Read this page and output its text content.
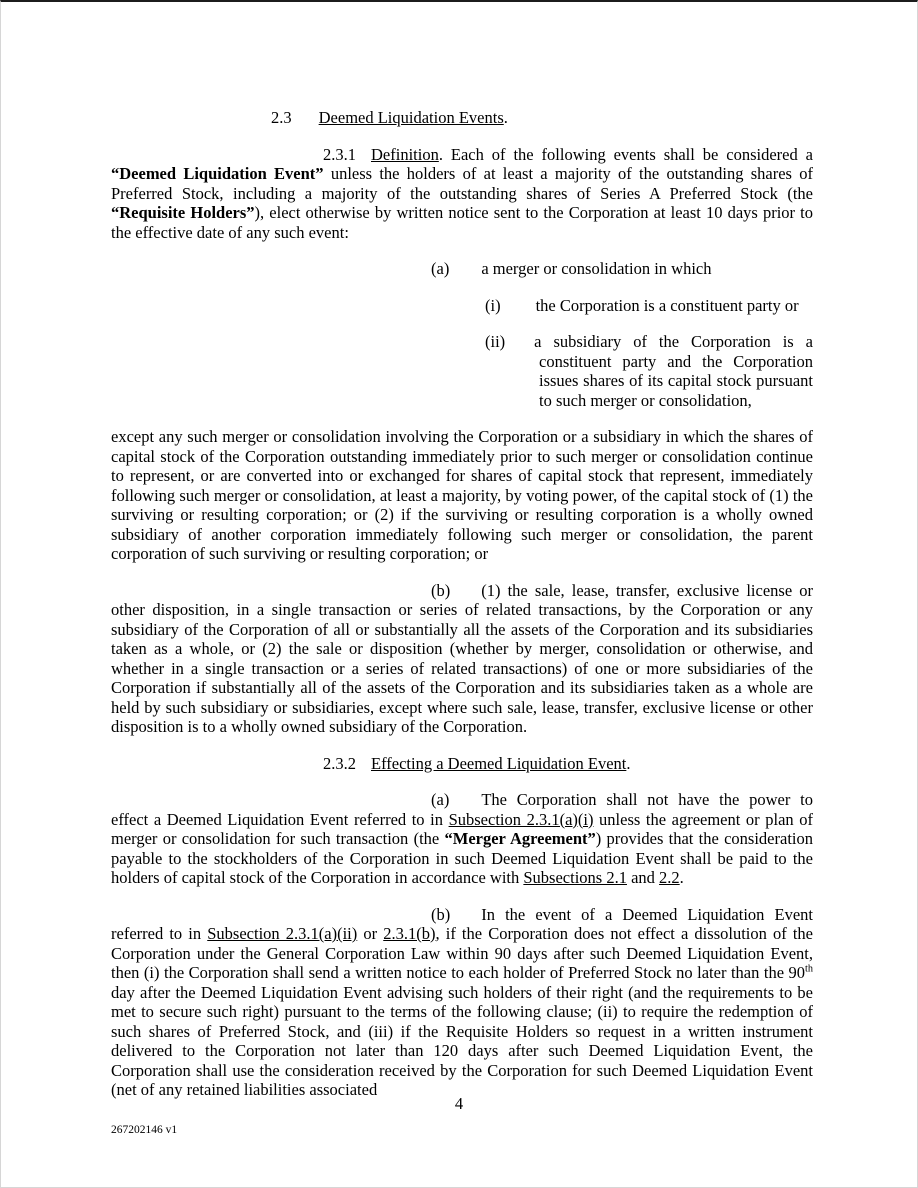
2.3 Deemed Liquidation Events.
2.3.1 Definition. Each of the following events shall be considered a “Deemed Liquidation Event” unless the holders of at least a majority of the outstanding shares of Preferred Stock, including a majority of the outstanding shares of Series A Preferred Stock (the “Requisite Holders”), elect otherwise by written notice sent to the Corporation at least 10 days prior to the effective date of any such event:
(a) a merger or consolidation in which
(i) the Corporation is a constituent party or
(ii) a subsidiary of the Corporation is a constituent party and the Corporation issues shares of its capital stock pursuant to such merger or consolidation,
except any such merger or consolidation involving the Corporation or a subsidiary in which the shares of capital stock of the Corporation outstanding immediately prior to such merger or consolidation continue to represent, or are converted into or exchanged for shares of capital stock that represent, immediately following such merger or consolidation, at least a majority, by voting power, of the capital stock of (1) the surviving or resulting corporation; or (2) if the surviving or resulting corporation is a wholly owned subsidiary of another corporation immediately following such merger or consolidation, the parent corporation of such surviving or resulting corporation; or
(b) (1) the sale, lease, transfer, exclusive license or other disposition, in a single transaction or series of related transactions, by the Corporation or any subsidiary of the Corporation of all or substantially all the assets of the Corporation and its subsidiaries taken as a whole, or (2) the sale or disposition (whether by merger, consolidation or otherwise, and whether in a single transaction or a series of related transactions) of one or more subsidiaries of the Corporation if substantially all of the assets of the Corporation and its subsidiaries taken as a whole are held by such subsidiary or subsidiaries, except where such sale, lease, transfer, exclusive license or other disposition is to a wholly owned subsidiary of the Corporation.
2.3.2 Effecting a Deemed Liquidation Event.
(a) The Corporation shall not have the power to effect a Deemed Liquidation Event referred to in Subsection 2.3.1(a)(i) unless the agreement or plan of merger or consolidation for such transaction (the “Merger Agreement”) provides that the consideration payable to the stockholders of the Corporation in such Deemed Liquidation Event shall be paid to the holders of capital stock of the Corporation in accordance with Subsections 2.1 and 2.2.
(b) In the event of a Deemed Liquidation Event referred to in Subsection 2.3.1(a)(ii) or 2.3.1(b), if the Corporation does not effect a dissolution of the Corporation under the General Corporation Law within 90 days after such Deemed Liquidation Event, then (i) the Corporation shall send a written notice to each holder of Preferred Stock no later than the 90th day after the Deemed Liquidation Event advising such holders of their right (and the requirements to be met to secure such right) pursuant to the terms of the following clause; (ii) to require the redemption of such shares of Preferred Stock, and (iii) if the Requisite Holders so request in a written instrument delivered to the Corporation not later than 120 days after such Deemed Liquidation Event, the Corporation shall use the consideration received by the Corporation for such Deemed Liquidation Event (net of any retained liabilities associated
4
267202146 v1
